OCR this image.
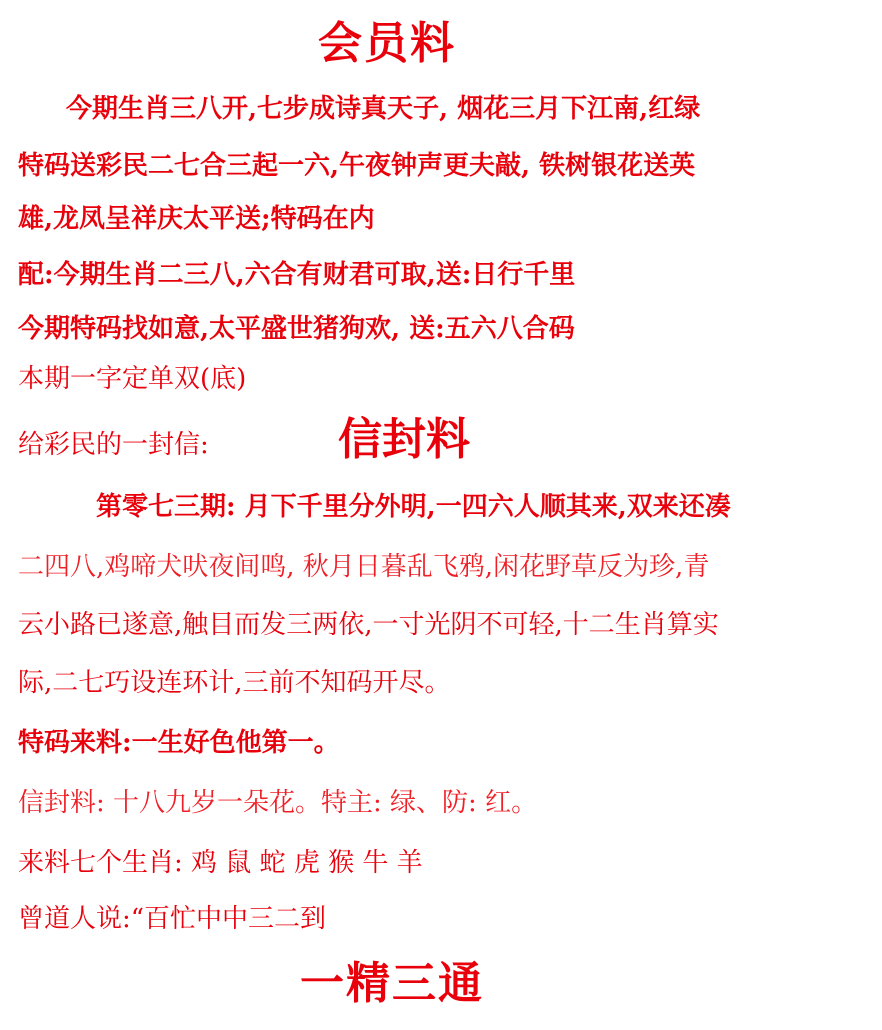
会员料
今期生肖三八开,七步成诗真天子, 烟花三月下江南,红绿
特码送彩民二七合三起一六,午夜钟声更夫敲, 铁树银花送英
雄,龙凤呈祥庆太平送;特码在内
配:今期生肖二三八,六合有财君可取,送:日行千里
今期特码找如意,太平盛世猪狗欢, 送:五六八合码
本期一字定单双(底)
给彩民的一封信:	信封料
第零七三期: 月下千里分外明,一四六人顺其来,双来还凑
二四八,鸡啼犬吠夜间鸣, 秋月日暮乱飞鸦,闲花野草反为珍,青
云小路已遂意,触目而发三两依,一寸光阴不可轻,十二生肖算实
际,二七巧设连环计,三前不知码开尽。
特码来料:一生好色他第一。
信封料: 十八九岁一朵花。特主: 绿、防: 红。
来料七个生肖: 鸡 鼠 蛇 虎 猴 牛 羊
曾道人说:“百忙中中三二到
一精三通
